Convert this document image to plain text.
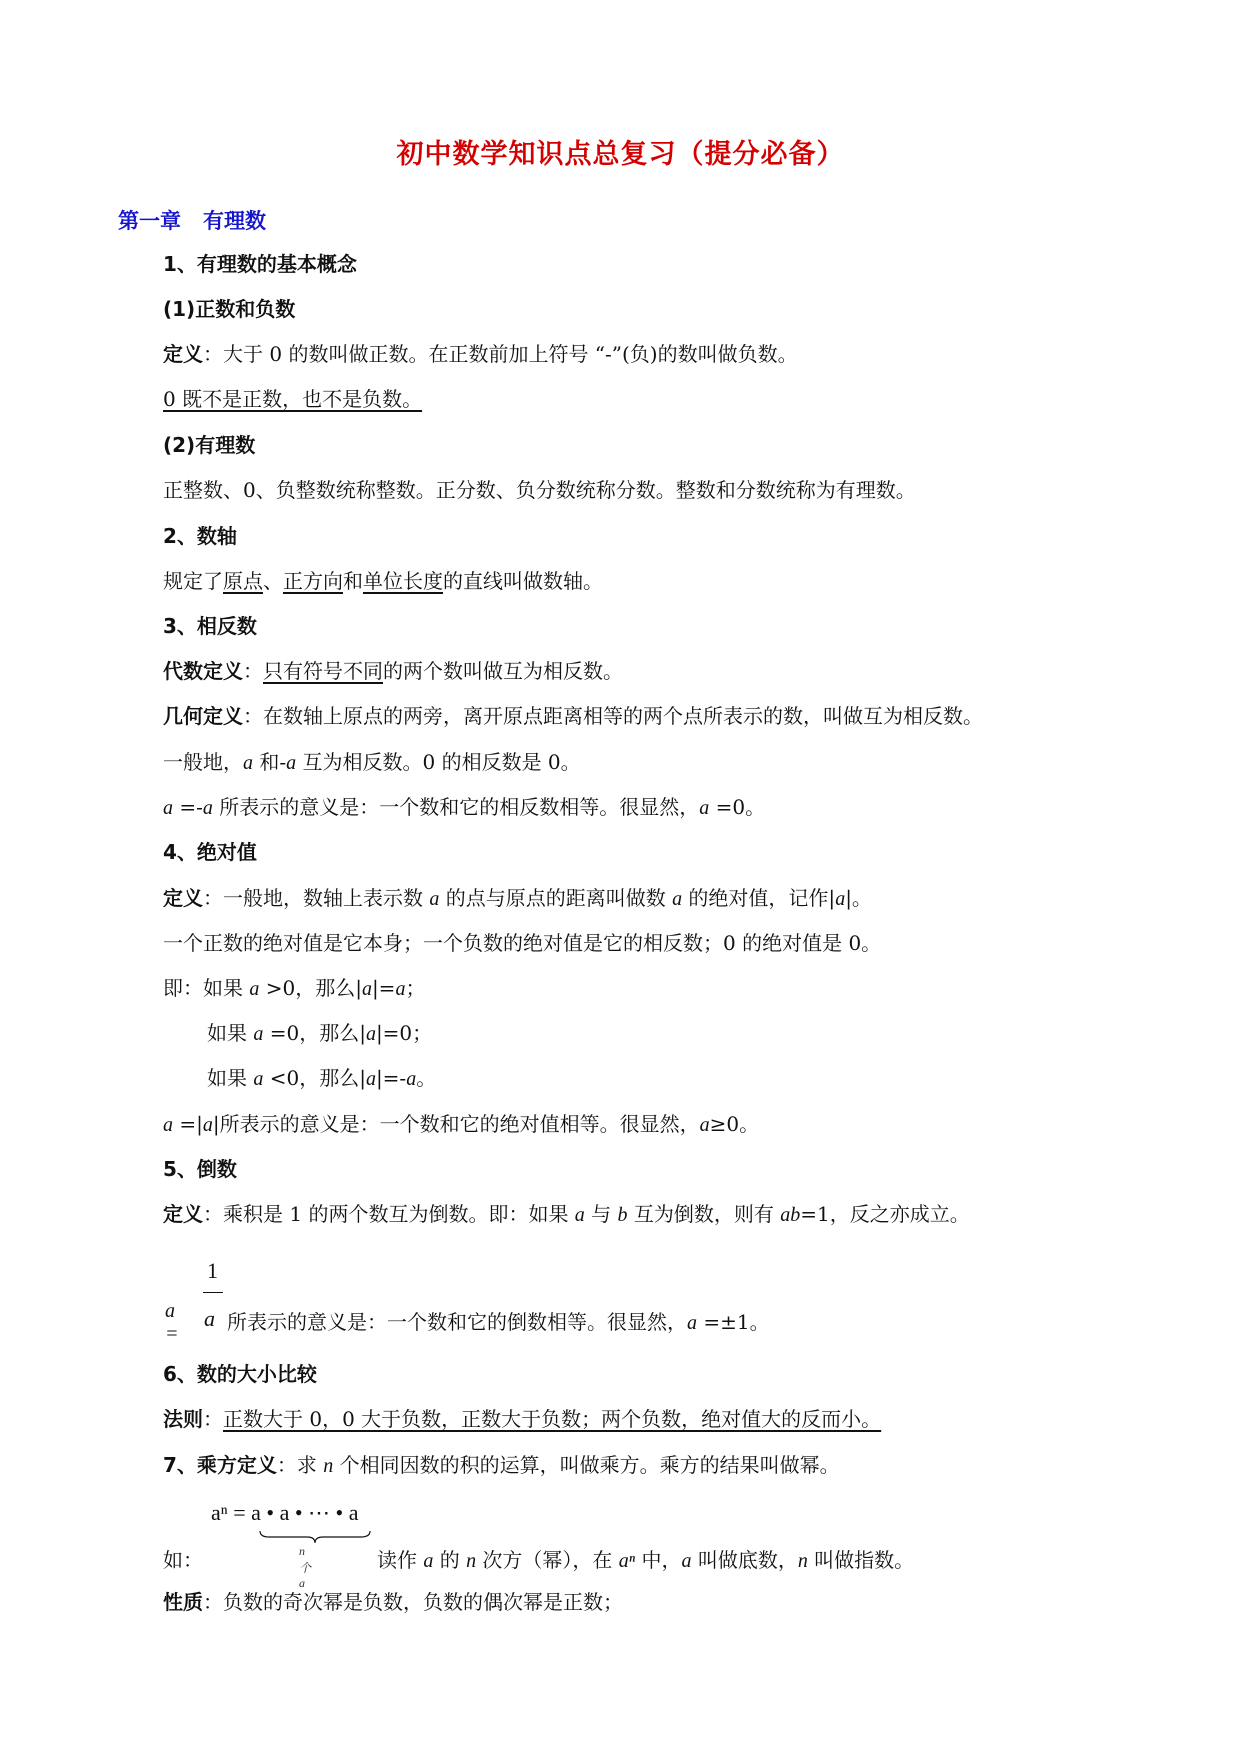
初中数学知识点总复习（提分必备）
第一章 有理数
1、有理数的基本概念
(1)正数和负数
定义：大于 0 的数叫做正数。在正数前加上符号 “-”(负)的数叫做负数。
0 既不是正数，也不是负数。
(2)有理数
正整数、0、负整数统称整数。正分数、负分数统称分数。整数和分数统称为有理数。
2、数轴
规定了原点、正方向和单位长度的直线叫做数轴。
3、相反数
代数定义：只有符号不同的两个数叫做互为相反数。
几何定义：在数轴上原点的两旁，离开原点距离相等的两个点所表示的数，叫做互为相反数。
一般地，a 和-a 互为相反数。0 的相反数是 0。
a =-a 所表示的意义是：一个数和它的相反数相等。很显然，a =0。
4、绝对值
定义：一般地，数轴上表示数 a 的点与原点的距离叫做数 a 的绝对值，记作|a|。
一个正数的绝对值是它本身；一个负数的绝对值是它的相反数；0 的绝对值是 0。
即：如果 a >0，那么|a|=a；
如果 a =0，那么|a|=0；
如果 a <0，那么|a|=-a。
a =|a|所表示的意义是：一个数和它的绝对值相等。很显然，a≥0。
5、倒数
定义：乘积是 1 的两个数互为倒数。即：如果 a 与 b 互为倒数，则有 ab=1，反之亦成立。
a =
1
a 所表示的意义是：一个数和它的倒数相等。很显然，a =±1。
6、数的大小比较
法则：正数大于 0，0 大于负数，正数大于负数；两个负数，绝对值大的反而小。
7、乘方定义：求 n 个相同因数的积的运算，叫做乘方。乘方的结果叫做幂。
如：
aⁿ = a • a • ⋯ • a
n个a
读作 a 的 n 次方（幂），在 aⁿ 中，a 叫做底数，n 叫做指数。
性质：负数的奇次幂是负数，负数的偶次幂是正数；
